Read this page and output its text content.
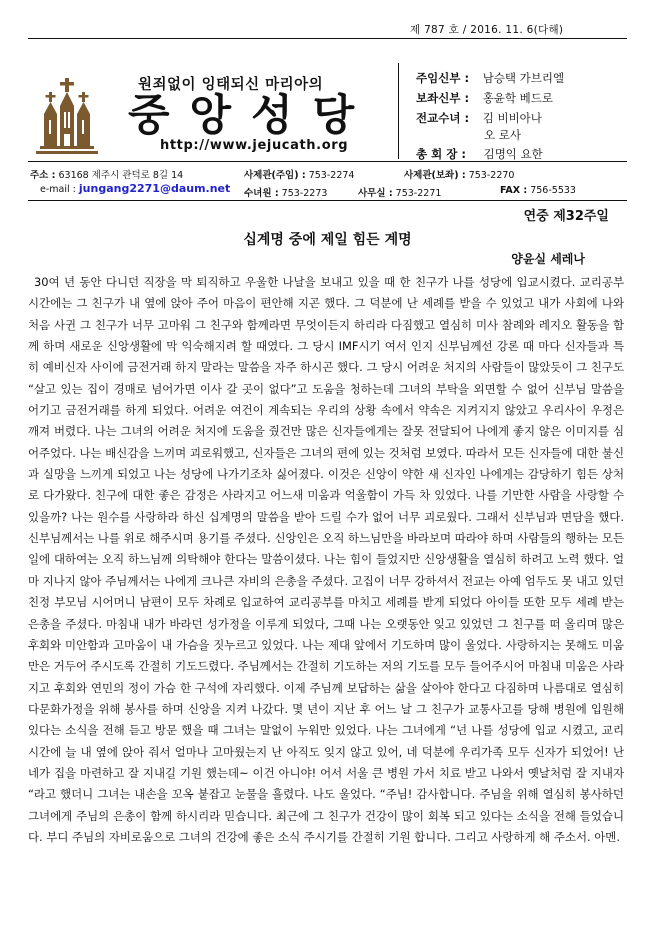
제 787 호 / 2016. 11. 6(다해)
원죄없이 잉태되신 마리아의
중앙성당
http://www.jejucath.org
주임신부 : 남승택 가브리엘
보좌신부 : 홍윤학 베드로
전교수녀 : 김 비비아나
오 로사
총 회 장 : 김명익 요한
주소 : 63168 제주시 관덕로 8길 14	사제관(주임) : 753-2274	사제관(보좌) : 753-2270
e-mail : jungang2271@daum.net 수녀원 : 753-2273	사무실 : 753-2271	FAX : 756-5533
연중 제32주일
십계명 중에 제일 힘든 계명
양윤실 세레나
30여 년 동안 다니던 직장을 막 퇴직하고 우울한 나날을 보내고 있을 때 한 친구가 나를 성당에 입교시켰다. 교리공부 시간에는 그 친구가 내 옆에 앉아 주어 마음이 편안해 지곤 했다. 그 덕분에 난 세례를 받을 수 있었고 내가 사회에 나와 처음 사귄 그 친구가 너무 고마워 그 친구와 함께라면 무엇이든지 하리라 다짐했고 열심히 미사 참례와 레지오 활동을 함께 하며 새로운 신앙생활에 막 익숙해지려 할 때였다. 그 당시 IMF시기 여서 인지 신부님께선 강론 때 마다 신자들과 특히 예비신자 사이에 금전거래 하지 말라는 말씀을 자주 하시곤 했다. 그 당시 어려운 처지의 사람들이 많았듯이 그 친구도 “살고 있는 집이 경매로 넘어가면 이사 갈 곳이 없다”고 도움을 청하는데 그녀의 부탁을 외면할 수 없어 신부님 말씀을 어기고 금전거래를 하게 되었다. 어려운 여건이 계속되는 우리의 상황 속에서 약속은 지켜지지 않았고 우리사이 우정은 깨져 버렸다. 나는 그녀의 어려운 처지에 도움을 줬건만 많은 신자들에게는 잘못 전달되어 나에게 좋지 않은 이미지를 심어주었다. 나는 배신감을 느끼며 괴로워했고, 신자들은 그녀의 편에 있는 것처럼 보였다. 따라서 모든 신자들에 대한 불신과 실망을 느끼게 되었고 나는 성당에 나가기조차 싫어졌다. 이것은 신앙이 약한 새 신자인 나에게는 감당하기 힘든 상처로 다가왔다. 친구에 대한 좋은 감정은 사라지고 어느새 미움과 억울함이 가득 차 있었다. 나를 기만한 사람을 사랑할 수 있을까? 나는 원수를 사랑하라 하신 십계명의 말씀을 받아 드릴 수가 없어 너무 괴로웠다. 그래서 신부님과 면담을 했다. 신부님께서는 나를 위로 해주시며 용기를 주셨다. 신앙인은 오직 하느님만을 바라보며 따라야 하며 사람들의 행하는 모든 일에 대하여는 오직 하느님께 의탁해야 한다는 말씀이셨다. 나는 힘이 들었지만 신앙생활을 열심히 하려고 노력 했다. 얼마 지나지 않아 주님께서는 나에게 크나큰 자비의 은총을 주셨다. 고집이 너무 강하셔서 전교는 아예 엄두도 못 내고 있던 친정 부모님 시어머니 남편이 모두 차례로 입교하여 교리공부를 마치고 세례를 받게 되었다 아이들 또한 모두 세례 받는 은총을 주셨다. 마침내 내가 바라던 성가정을 이루게 되었다, 그때 나는 오랫동안 잊고 있었던 그 친구를 떠 올리며 많은 후회와 미안함과 고마움이 내 가슴을 짓누르고 있었다. 나는 제대 앞에서 기도하며 많이 울었다. 사랑하지는 못해도 미움만은 거두어 주시도록 간절히 기도드렸다. 주님께서는 간절히 기도하는 저의 기도를 모두 들어주시어 마침내 미움은 사라지고 후회와 연민의 정이 가슴 한 구석에 자리했다. 이제 주님께 보답하는 삶을 살아야 한다고 다짐하며 나름대로 열심히 다문화가정을 위해 봉사를 하며 신앙을 지켜 나갔다. 몇 년이 지난 후 어느 날 그 친구가 교통사고를 당해 병원에 입원해 있다는 소식을 전해 듣고 방문 했을 때 그녀는 말없이 누워만 있었다. 나는 그녀에게 “넌 나를 성당에 입교 시켰고, 교리시간에 늘 내 옆에 앉아 줘서 얼마나 고마웠는지 난 아직도 잊지 않고 있어, 네 덕분에 우리가족 모두 신자가 되었어! 난 네가 집을 마련하고 잘 지내길 기원 했는데~ 이건 아니야! 어서 서울 큰 병원 가서 치료 받고 나와서 옛날처럼 잘 지내자 “라고 했더니 그녀는 내손을 꼬옥 붙잡고 눈물을 흘렸다. 나도 울었다. “주님! 감사합니다. 주님을 위해 열심히 봉사하던 그녀에게 주님의 은총이 함께 하시리라 믿습니다. 최근에 그 친구가 건강이 많이 회복 되고 있다는 소식을 전해 들었습니다. 부디 주님의 자비로움으로 그녀의 건강에 좋은 소식 주시기를 간절히 기원 합니다. 그리고 사랑하게 해 주소서. 아멘.
